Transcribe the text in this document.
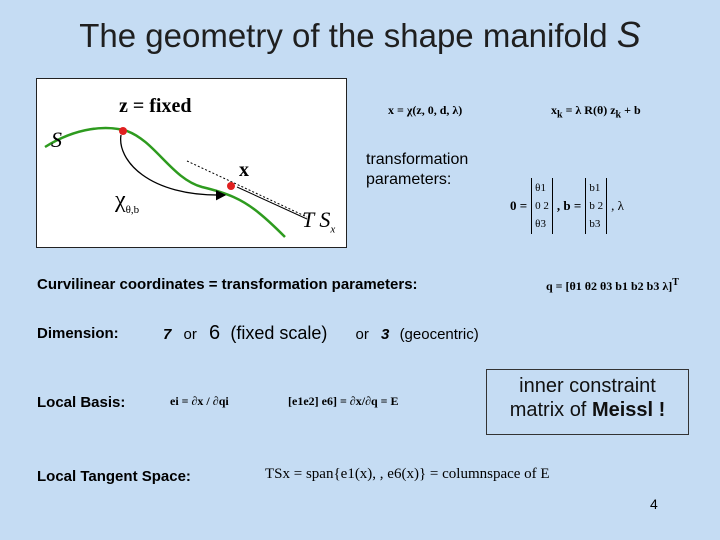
The geometry of the shape manifold S
z = fixed
S
x
$\chi_{\theta,b}$	T $S_x$
x = χ(z, 0, d, λ)	$x_k = \lambda$ R(θ) $z_k + b$
transformation
parameters:
0 =
θ1
0 2
θ3
, b =
b1
b 2
b3
, λ
Curvilinear coordinates = transformation parameters:	q = [θ1 θ2 θ3 b1 b2 b3 λ]$^T$
Dimension:	7 or 6 (fixed scale) or 3 (geocentric)
Local Basis:	ei = ∂x / ∂qi	[e1e2] e6] = ∂x/∂q = E
inner constraint
matrix of Meissl !
Local Tangent Space:	TSx = span{e1(x), , e6(x)} = columnspace of E
4
